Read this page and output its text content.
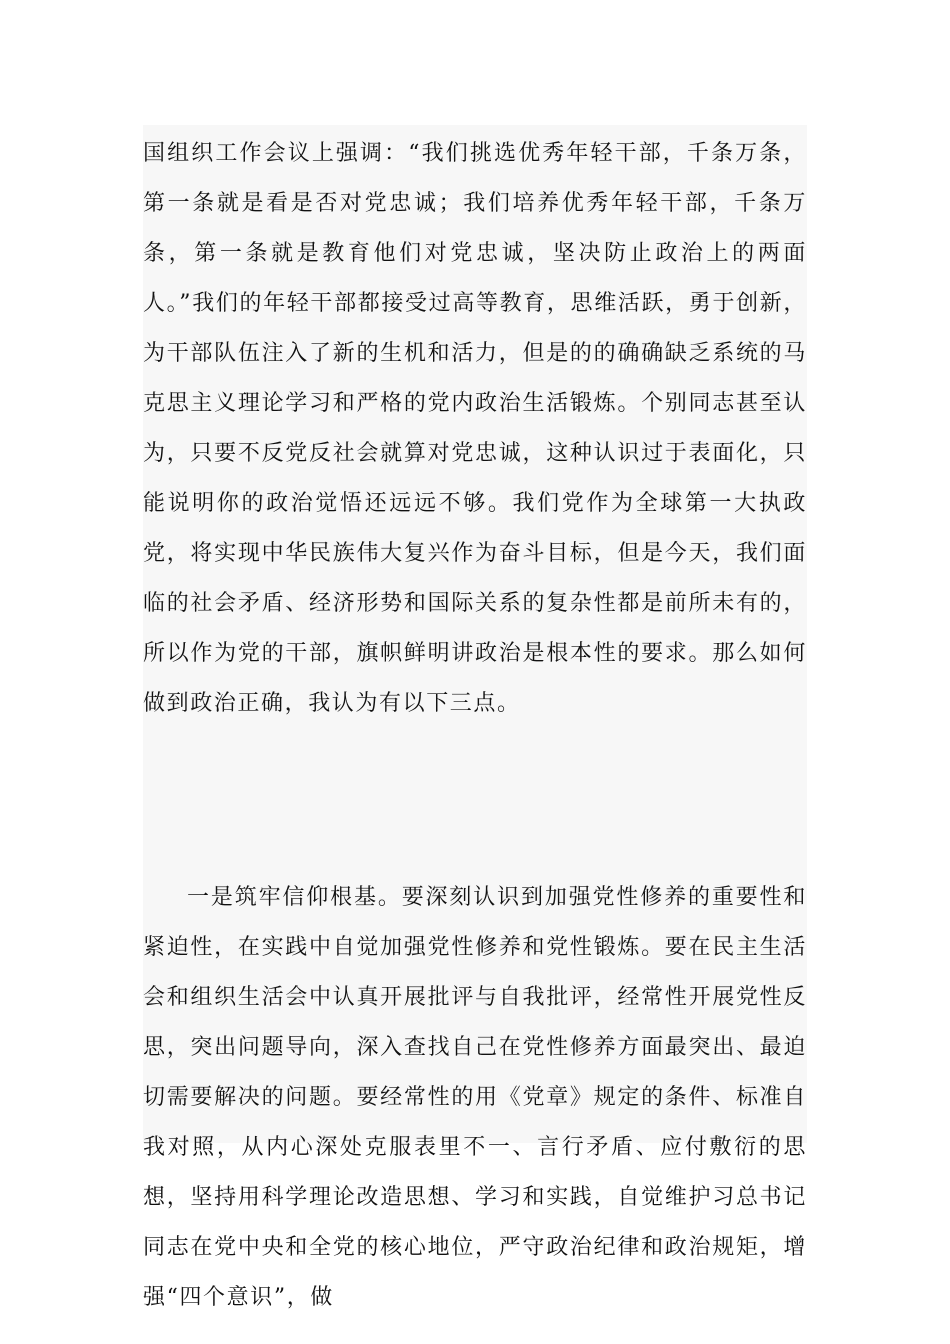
国组织工作会议上强调：“我们挑选优秀年轻干部，千条万条，第一条就是看是否对党忠诚；我们培养优秀年轻干部，千条万条，第一条就是教育他们对党忠诚，坚决防止政治上的两面人。”我们的年轻干部都接受过高等教育，思维活跃，勇于创新，为干部队伍注入了新的生机和活力，但是的的确确缺乏系统的马克思主义理论学习和严格的党内政治生活锻炼。个别同志甚至认为，只要不反党反社会就算对党忠诚，这种认识过于表面化，只能说明你的政治觉悟还远远不够。我们党作为全球第一大执政党，将实现中华民族伟大复兴作为奋斗目标，但是今天，我们面临的社会矛盾、经济形势和国际关系的复杂性都是前所未有的，所以作为党的干部，旗帜鲜明讲政治是根本性的要求。那么如何做到政治正确，我认为有以下三点。

一是筑牢信仰根基。要深刻认识到加强党性修养的重要性和紧迫性，在实践中自觉加强党性修养和党性锻炼。要在民主生活会和组织生活会中认真开展批评与自我批评，经常性开展党性反思，突出问题导向，深入查找自己在党性修养方面最突出、最迫切需要解决的问题。要经常性的用《党章》规定的条件、标准自我对照，从内心深处克服表里不一、言行矛盾、应付敷衍的思想，坚持用科学理论改造思想、学习和实践，自觉维护习总书记同志在党中央和全党的核心地位，严守政治纪律和政治规矩，增强“四个意识”，做
